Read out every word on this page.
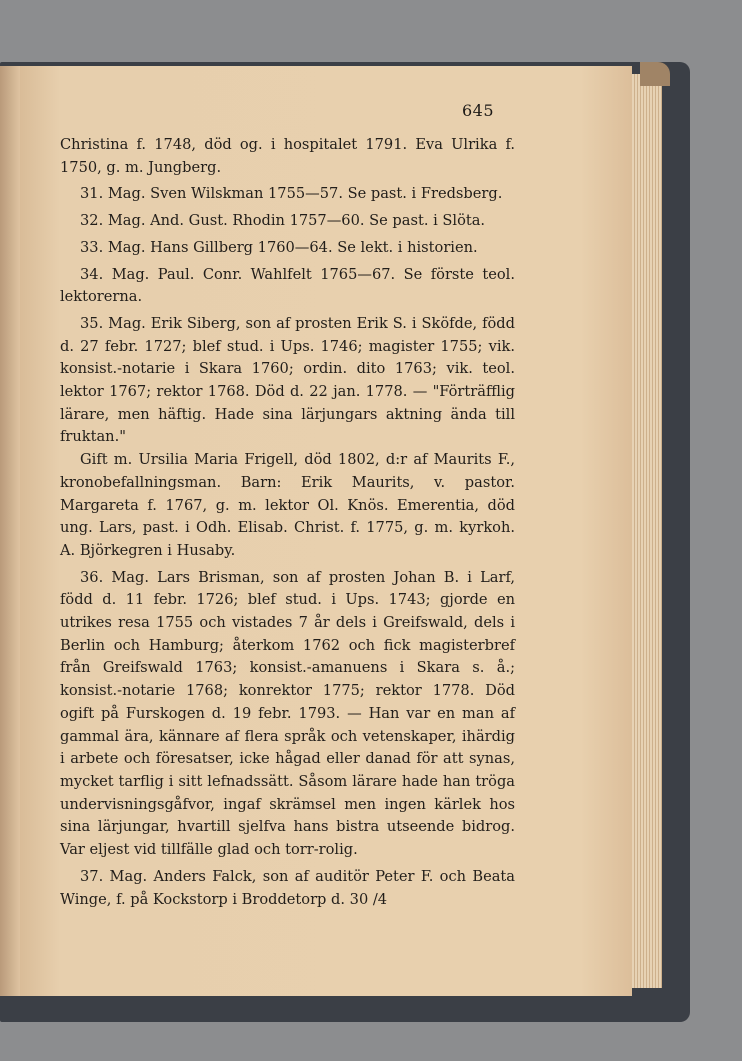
645

Christina f. 1748, död og. i hospitalet 1791. Eva Ulrika f. 1750, g. m. Jungberg.

31. Mag. Sven Wilskman 1755—57. Se past. i Fredsberg.

32. Mag. And. Gust. Rhodin 1757—60. Se past. i Slöta.

33. Mag. Hans Gillberg 1760—64. Se lekt. i historien.

34. Mag. Paul. Conr. Wahlfelt 1765—67. Se förste teol. lektorerna.

35. Mag. Erik Siberg, son af prosten Erik S. i Sköfde, född d. 27 febr. 1727; blef stud. i Ups. 1746; magister 1755; vik. konsist.-notarie i Skara 1760; ordin. dito 1763; vik. teol. lektor 1767; rektor 1768. Död d. 22 jan. 1778. — "Förträfflig lärare, men häftig. Hade sina lärjungars aktning ända till fruktan."

Gift m. Ursilia Maria Frigell, död 1802, d:r af Maurits F., kronobefallningsman. Barn: Erik Maurits, v. pastor. Margareta f. 1767, g. m. lektor Ol. Knös. Emerentia, död ung. Lars, past. i Odh. Elisab. Christ. f. 1775, g. m. kyrkoh. A. Björkegren i Husaby.

36. Mag. Lars Brisman, son af prosten Johan B. i Larf, född d. 11 febr. 1726; blef stud. i Ups. 1743; gjorde en utrikes resa 1755 och vistades 7 år dels i Greifswald, dels i Berlin och Hamburg; återkom 1762 och fick magisterbref från Greifswald 1763; konsist.-amanuens i Skara s. å.; konsist.-notarie 1768; konrektor 1775; rektor 1778. Död ogift på Furskogen d. 19 febr. 1793. — Han var en man af gammal ära, kännare af flera språk och vetenskaper, ihärdig i arbete och föresatser, icke hågad eller danad för att synas, mycket tarflig i sitt lefnadssätt. Såsom lärare hade han tröga undervisningsgåfvor, ingaf skrämsel men ingen kärlek hos sina lärjungar, hvartill sjelfva hans bistra utseende bidrog. Var eljest vid tillfälle glad och torr-rolig.

37. Mag. Anders Falck, son af auditör Peter F. och Beata Winge, f. på Kockstorp i Broddetorp d. 30 /4
